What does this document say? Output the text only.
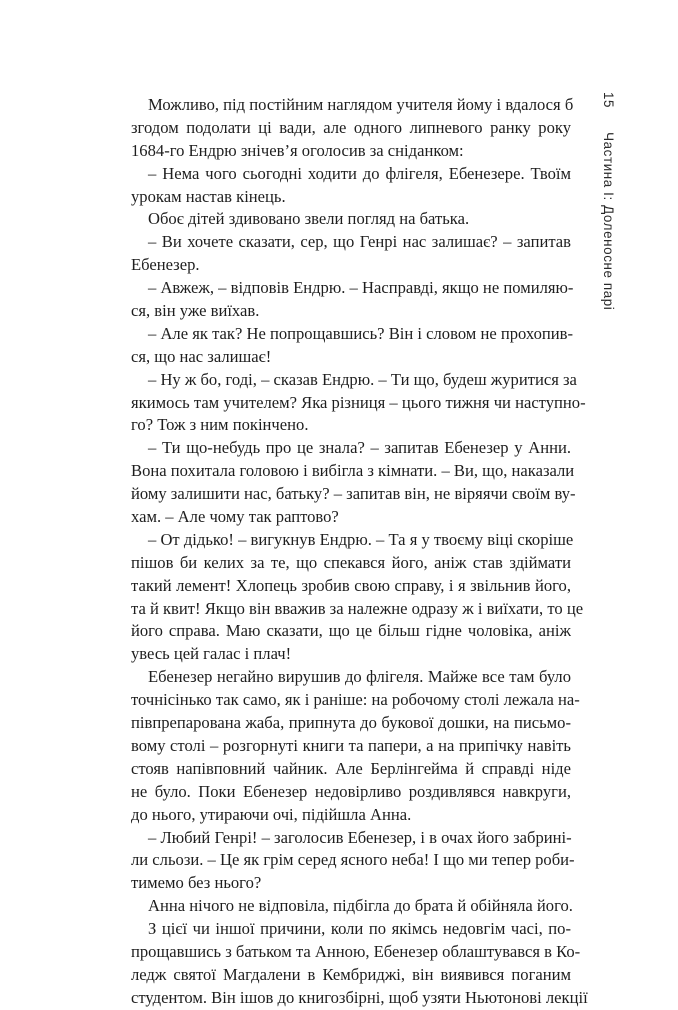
15Частина I: Доленосне парі
Можливо, під постійним наглядом учителя йому і вдалося б
згодом подолати ці вади, але одного липневого ранку року
1684-го Ендрю знічев’я оголосив за сніданком:
– Нема чого сьогодні ходити до флігеля, Ебенезере. Твоїм
урокам настав кінець.
Обоє дітей здивовано звели погляд на батька.
– Ви хочете сказати, сер, що Генрі нас залишає? – запитав
Ебенезер.
– Авжеж, – відповів Ендрю. – Насправді, якщо не помиляю-
ся, він уже виїхав.
– Але як так? Не попрощавшись? Він і словом не прохопив-
ся, що нас залишає!
– Ну ж бо, годі, – сказав Ендрю. – Ти що, будеш журитися за
якимось там учителем? Яка різниця – цього тижня чи наступно-
го? Тож з ним покінчено.
– Ти що-небудь про це знала? – запитав Ебенезер у Анни.
Вона похитала головою і вибігла з кімнати. – Ви, що, наказали
йому залишити нас, батьку? – запитав він, не віряячи своїм ву-
хам. – Але чому так раптово?
– От дідько! – вигукнув Ендрю. – Та я у твоєму віці скоріше
пішов би келих за те, що спекався його, аніж став здіймати
такий лемент! Хлопець зробив свою справу, і я звільнив його,
та й квит! Якщо він вважив за належне одразу ж і виїхати, то це
його справа. Маю сказати, що це більш гідне чоловіка, аніж
увесь цей галас і плач!
Ебенезер негайно вирушив до флігеля. Майже все там було
точнісінько так само, як і раніше: на робочому столі лежала на-
півпрепарована жаба, припнута до букової дошки, на письмо-
вому столі – розгорнуті книги та папери, а на припічку навіть
стояв напівповний чайник. Але Берлінгейма й справді ніде
не було. Поки Ебенезер недовірливо роздивлявся навкруги,
до нього, утираючи очі, підійшла Анна.
– Любий Генрі! – заголосив Ебенезер, і в очах його забринi-
ли сльози. – Це як грім серед ясного неба! І що ми тепер роби-
тимемо без нього?
Анна нічого не відповіла, підбігла до брата й обійняла його.
З цієї чи іншої причини, коли по якімсь недовгім часі, по-
прощавшись з батьком та Анною, Ебенезер облаштувався в Ко-
ледж святої Магдалени в Кембриджі, він виявився поганим
студентом. Він ішов до книгозбірні, щоб узяти Ньютонові лекції
